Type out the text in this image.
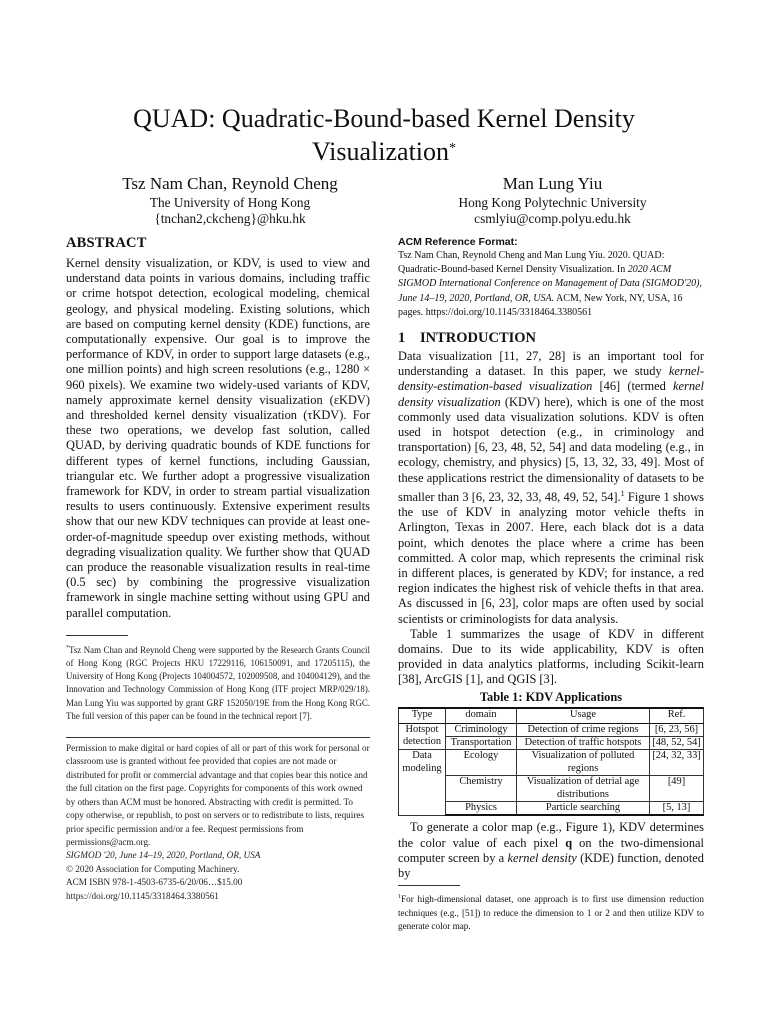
QUAD: Quadratic-Bound-based Kernel Density
Visualization*
Tsz Nam Chan, Reynold Cheng
The University of Hong Kong
{tnchan2,ckcheng}@hku.hk
Man Lung Yiu
Hong Kong Polytechnic University
csmlyiu@comp.polyu.edu.hk
ABSTRACT

Kernel density visualization, or KDV, is used to view and understand data points in various domains, including traffic or crime hotspot detection, ecological modeling, chemical geology, and physical modeling. Existing solutions, which are based on computing kernel density (KDE) functions, are computationally expensive. Our goal is to improve the performance of KDV, in order to support large datasets (e.g., one million points) and high screen resolutions (e.g., 1280 × 960 pixels). We examine two widely-used variants of KDV, namely approximate kernel density visualization (εKDV) and thresholded kernel density visualization (τKDV). For these two operations, we develop fast solution, called QUAD, by deriving quadratic bounds of KDE functions for different types of kernel functions, including Gaussian, triangular etc. We further adopt a progressive visualization framework for KDV, in order to stream partial visualization results to users continuously. Extensive experiment results show that our new KDV techniques can provide at least one-order-of-magnitude speedup over existing methods, without degrading visualization quality. We further show that QUAD can produce the reasonable visualization results in real-time (0.5 sec) by combining the progressive visualization framework in single machine setting without using GPU and parallel computation.

*Tsz Nam Chan and Reynold Cheng were supported by the Research Grants Council of Hong Kong (RGC Projects HKU 17229116, 106150091, and 17205115), the University of Hong Kong (Projects 104004572, 102009508, and 104004129), and the Innovation and Technology Commission of Hong Kong (ITF project MRP/029/18). Man Lung Yiu was supported by grant GRF 152050/19E from the Hong Kong RGC. The full version of this paper can be found in the technical report [7].

Permission to make digital or hard copies of all or part of this work for personal or classroom use is granted without fee provided that copies are not made or distributed for profit or commercial advantage and that copies bear this notice and the full citation on the first page. Copyrights for components of this work owned by others than ACM must be honored. Abstracting with credit is permitted. To copy otherwise, or republish, to post on servers or to redistribute to lists, requires prior specific permission and/or a fee. Request permissions from permissions@acm.org.

SIGMOD '20, June 14–19, 2020, Portland, OR, USA

© 2020 Association for Computing Machinery.

ACM ISBN 978-1-4503-6735-6/20/06…$15.00

https://doi.org/10.1145/3318464.3380561

ACM Reference Format:

Tsz Nam Chan, Reynold Cheng and Man Lung Yiu. 2020. QUAD: Quadratic-Bound-based Kernel Density Visualization. In 2020 ACM SIGMOD International Conference on Management of Data (SIGMOD'20), June 14–19, 2020, Portland, OR, USA. ACM, New York, NY, USA, 16 pages. https://doi.org/10.1145/3318464.3380561

1 INTRODUCTION

Data visualization [11, 27, 28] is an important tool for understanding a dataset. In this paper, we study kernel-density-estimation-based visualization [46] (termed kernel density visualization (KDV) here), which is one of the most commonly used data visualization solutions. KDV is often used in hotspot detection (e.g., in criminology and transportation) [6, 23, 48, 52, 54] and data modeling (e.g., in ecology, chemistry, and physics) [5, 13, 32, 33, 49]. Most of these applications restrict the dimensionality of datasets to be smaller than 3 [6, 23, 32, 33, 48, 49, 52, 54].$^1$ Figure 1 shows the use of KDV in analyzing motor vehicle thefts in Arlington, Texas in 2007. Here, each black dot is a data point, which denotes the place where a crime has been committed. A color map, which represents the criminal risk in different places, is generated by KDV; for instance, a red region indicates the highest risk of vehicle thefts in that area. As discussed in [6, 23], color maps are often used by social scientists or criminologists for data analysis.

Table 1 summarizes the usage of KDV in different domains. Due to its wide applicability, KDV is often provided in data analytics platforms, including Scikit-learn [38], ArcGIS [1], and QGIS [3].

Table 1: KDV Applications
Type	domain	Usage	Ref.
Hotspot detection	Criminology	Detection of crime regions	[6, 23, 56]
	Transportation	Detection of traffic hotspots	[48, 52, 54]
Data modeling	Ecology	Visualization of polluted regions	[24, 32, 33]
	Chemistry	Visualization of detrial age distributions	[49]
	Physics	Particle searching	[5, 13]

To generate a color map (e.g., Figure 1), KDV determines the color value of each pixel q on the two-dimensional computer screen by a kernel density (KDE) function, denoted by

$^1$For high-dimensional dataset, one approach is to first use dimension reduction techniques (e.g., [51]) to reduce the dimension to 1 or 2 and then utilize KDV to generate color map.
